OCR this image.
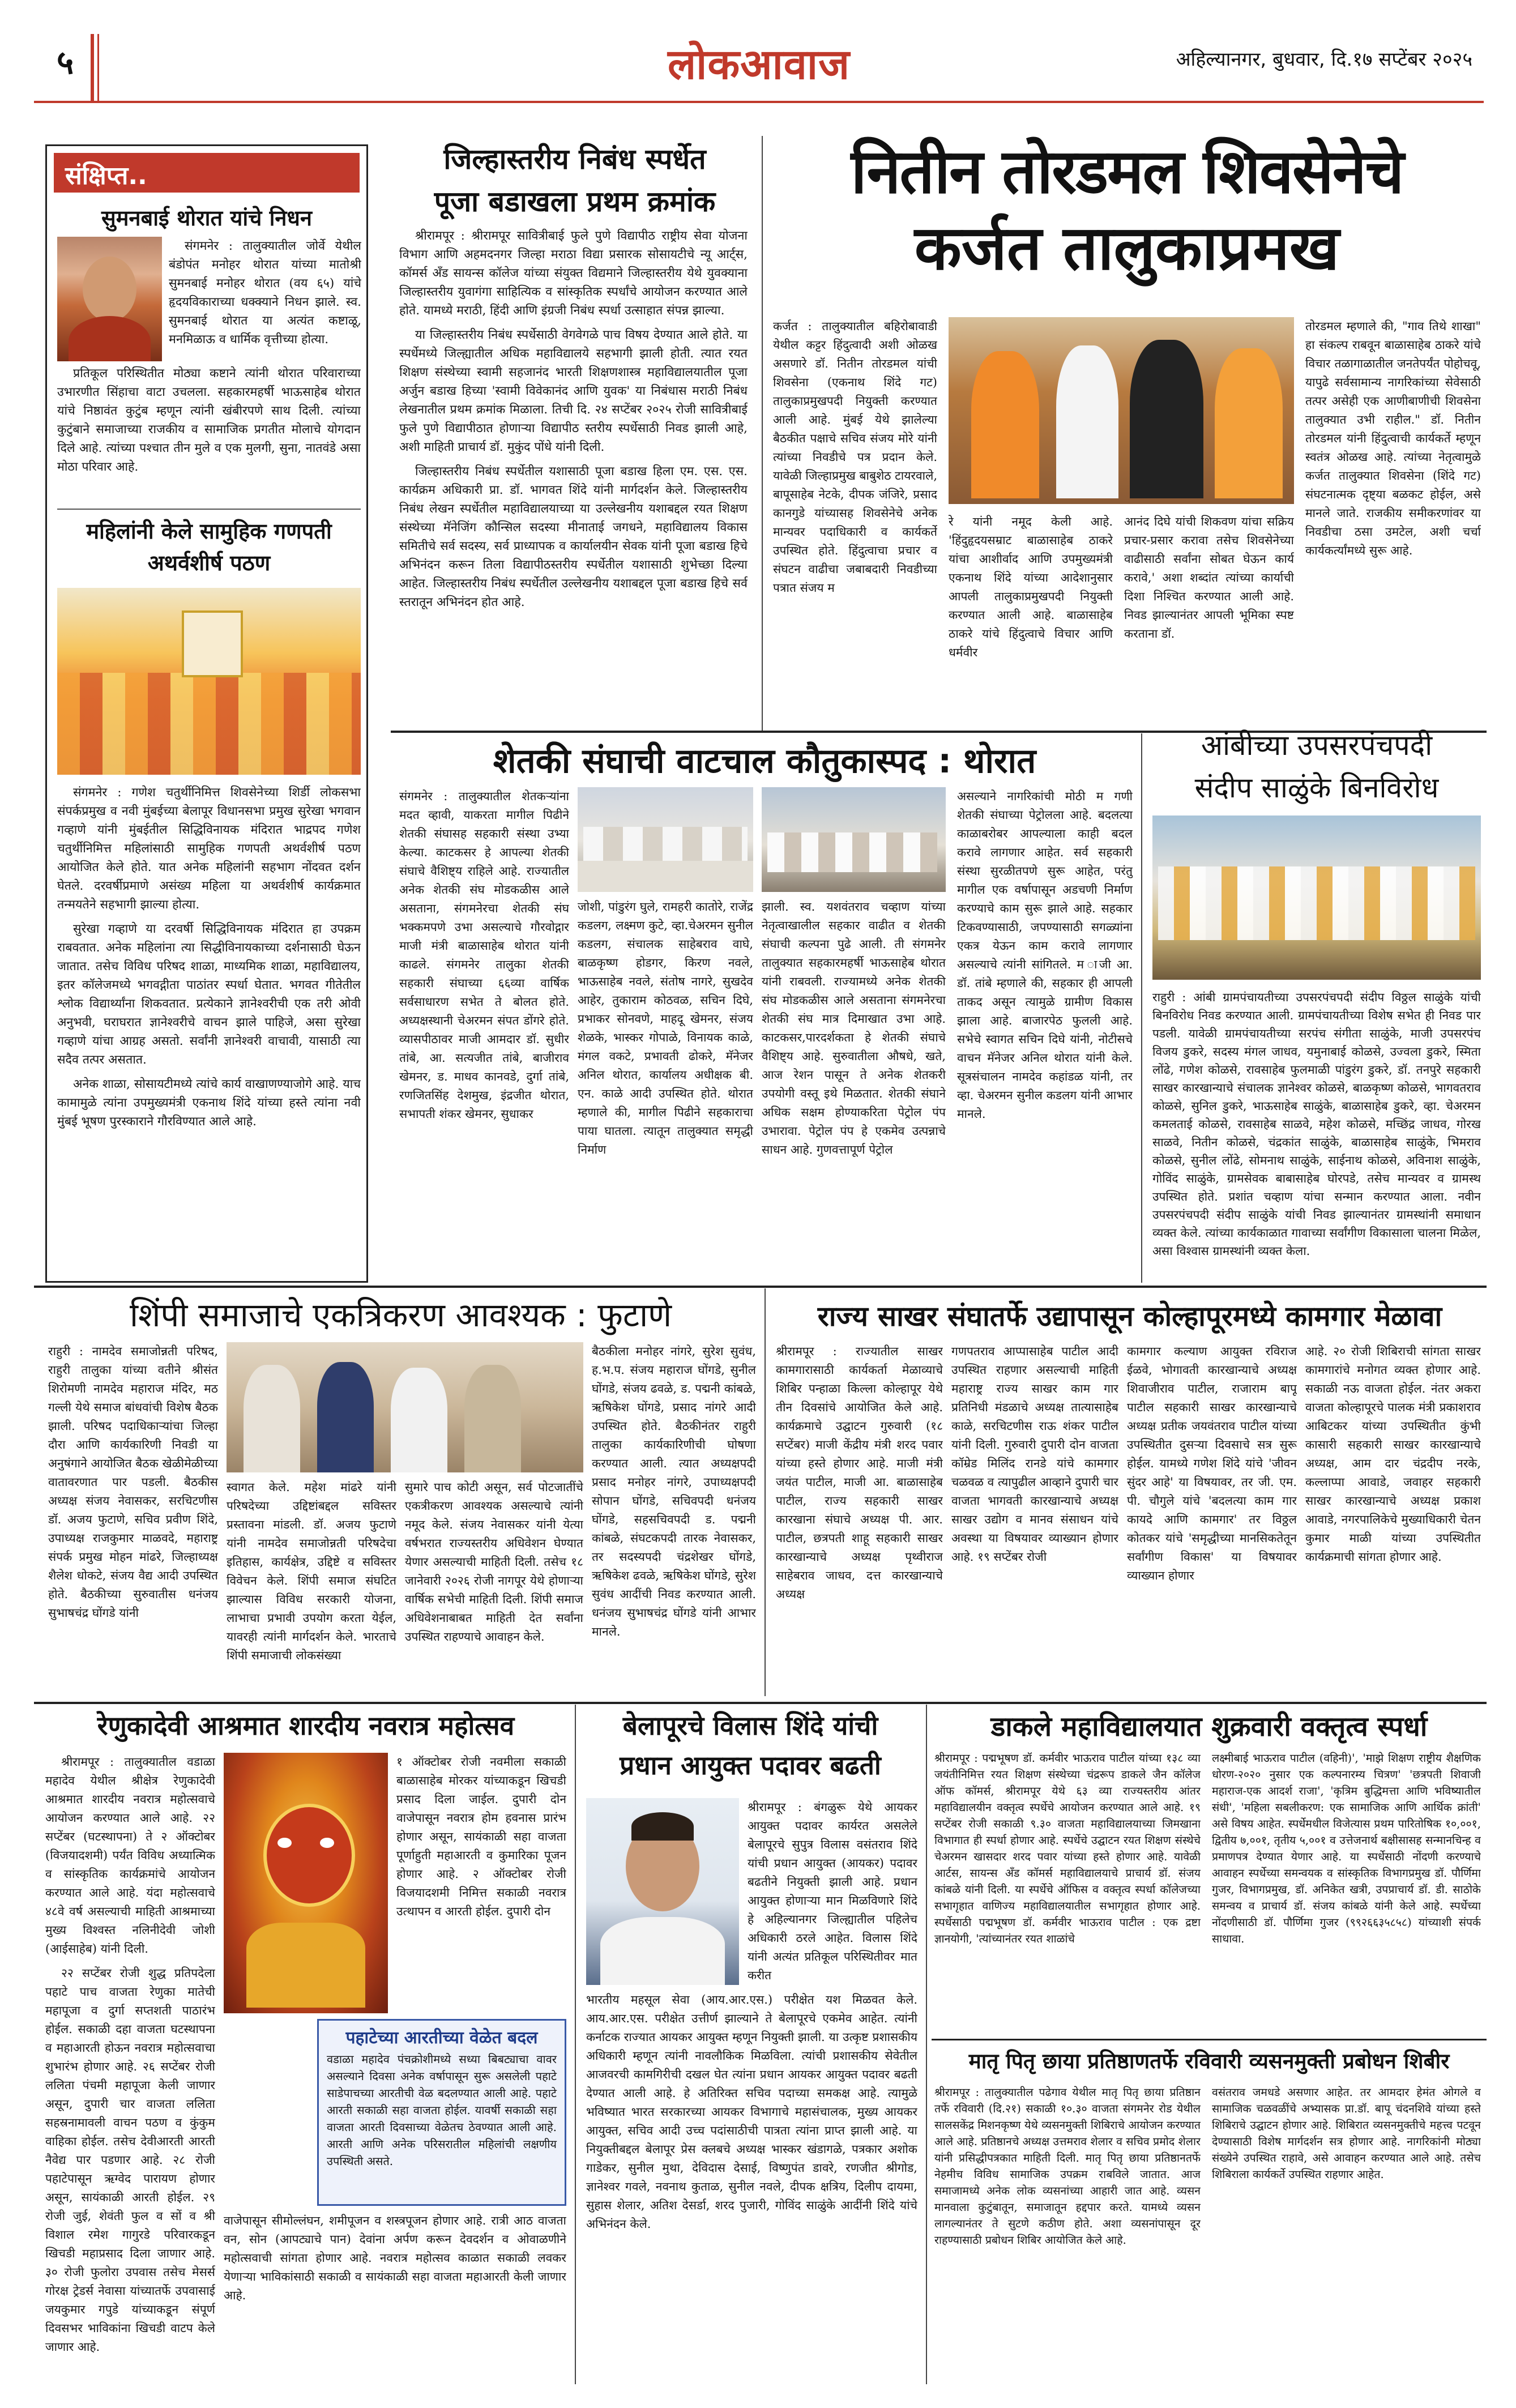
५	लोकआवाज	अहिल्यानगर, बुधवार, दि.१७ सप्टेंबर २०२५
संक्षिप्त..
सुमनबाई थोरात यांचे निधन

संगमनेर : तालुक्यातील जोर्वे येथील बंडोपंत मनोहर थोरात यांच्या मातोश्री सुमनबाई मनोहर थोरात (वय ६५) यांचे हृदयविकाराच्या धक्क्याने निधन झाले. स्व. सुमनबाई थोरात या अत्यंत कष्टाळू, मनमिळाऊ व धार्मिक वृत्तीच्या होत्या.

प्रतिकूल परिस्थितीत मोठ्या कष्टाने त्यांनी थोरात परिवाराच्या उभारणीत सिंहाचा वाटा उचलला. सहकारमहर्षी भाऊसाहेब थोरात यांचे निष्ठावंत कुटुंब म्हणून त्यांनी खंबीरपणे साथ दिली. त्यांच्या कुटुंबाने समाजाच्या राजकीय व सामाजिक प्रगतीत मोलाचे योगदान दिले आहे. त्यांच्या पश्चात तीन मुले व एक मुलगी, सुना, नातवंडे असा मोठा परिवार आहे.

महिलांनी केले सामुहिक गणपती अथर्वशीर्ष पठण

संगमनेर : गणेश चतुर्थीनिमित्त शिवसेनेच्या शिर्डी लोकसभा संपर्कप्रमुख व नवी मुंबईच्या बेलापूर विधानसभा प्रमुख सुरेखा भगवान गव्हाणे यांनी मुंबईतील सिद्धिविनायक मंदिरात भाद्रपद गणेश चतुर्थीनिमित्त महिलांसाठी सामुहिक गणपती अथर्वशीर्ष पठण आयोजित केले होते. यात अनेक महिलांनी सहभाग नोंदवत दर्शन घेतले. दरवर्षीप्रमाणे असंख्य महिला या अथर्वशीर्ष कार्यक्रमात तन्मयतेने सहभागी झाल्या होत्या.

सुरेखा गव्हाणे या दरवर्षी सिद्धिविनायक मंदिरात हा उपक्रम राबवतात. अनेक महिलांना त्या सिद्धीविनायकाच्या दर्शनासाठी घेऊन जातात. तसेच विविध परिषद शाळा, माध्यमिक शाळा, महाविद्यालय, इतर कॉलेजमध्ये भगवद्गीता पाठांतर स्पर्धा घेतात. भगवत गीतेतील श्लोक विद्यार्थ्यांना शिकवतात. प्रत्येकाने ज्ञानेश्वरीची एक तरी ओवी अनुभवी, घराघरात ज्ञानेश्वरीचे वाचन झाले पाहिजे, असा सुरेखा गव्हाणे यांचा आग्रह असतो. सर्वांनी ज्ञानेश्वरी वाचावी, यासाठी त्या सदैव तत्पर असतात.

अनेक शाळा, सोसायटीमध्ये त्यांचे कार्य वाखाणण्याजोगे आहे. याच कामामुळे त्यांना उपमुख्यमंत्री एकनाथ शिंदे यांच्या हस्ते त्यांना नवी मुंबई भूषण पुरस्काराने गौरविण्यात आले आहे.

जिल्हास्तरीय निबंध स्पर्धेत
पूजा बडाखला प्रथम क्रमांक

श्रीरामपूर : श्रीरामपूर सावित्रीबाई फुले पुणे विद्यापीठ राष्ट्रीय सेवा योजना विभाग आणि अहमदनगर जिल्हा मराठा विद्या प्रसारक सोसायटीचे न्यू आर्ट्स, कॉमर्स अँड सायन्स कॉलेज यांच्या संयुक्त विद्यमाने जिल्हास्तरीय येथे युवक्याना जिल्हास्तरीय युवागंगा साहित्यिक व सांस्कृतिक स्पर्धांचे आयोजन करण्यात आले होते. यामध्ये मराठी, हिंदी आणि इंग्रजी निबंध स्पर्धा उत्साहात संपन्न झाल्या.

या जिल्हास्तरीय निबंध स्पर्धेसाठी वेगवेगळे पाच विषय देण्यात आले होते. या स्पर्धेमध्ये जिल्ह्यातील अधिक महाविद्यालये सहभागी झाली होती. त्यात रयत शिक्षण संस्थेच्या स्वामी सहजानंद भारती शिक्षणशास्त्र महाविद्यालयातील पूजा अर्जुन बडाख हिच्या 'स्वामी विवेकानंद आणि युवक' या निबंधास मराठी निबंध लेखनातील प्रथम क्रमांक मिळाला. तिची दि. २४ सप्टेंबर २०२५ रोजी सावित्रीबाई फुले पुणे विद्यापीठात होणाऱ्या विद्यापीठ स्तरीय स्पर्धेसाठी निवड झाली आहे, अशी माहिती प्राचार्य डॉ. मुकुंद पोंधे यांनी दिली.

जिल्हास्तरीय निबंध स्पर्धेतील यशासाठी पूजा बडाख हिला एम. एस. एस. कार्यक्रम अधिकारी प्रा. डॉ. भागवत शिंदे यांनी मार्गदर्शन केले. जिल्हास्तरीय निबंध लेखन स्पर्धेतील महाविद्यालयाच्या या उल्लेखनीय यशाबद्दल रयत शिक्षण संस्थेच्या मॅनेजिंग कौन्सिल सदस्या मीनाताई जगधने, महाविद्यालय विकास समितीचे सर्व सदस्य, सर्व प्राध्यापक व कार्यालयीन सेवक यांनी पूजा बडाख हिचे अभिनंदन करून तिला विद्यापीठस्तरीय स्पर्धेतील यशासाठी शुभेच्छा दिल्या आहेत. जिल्हास्तरीय निबंध स्पर्धेतील उल्लेखनीय यशाबद्दल पूजा बडाख हिचे सर्व स्तरातून अभिनंदन होत आहे.

नितीन तोरडमल शिवसेनेचे
कर्जत तालुकाप्रमख
कर्जत : तालुक्यातील बहिरोबावाडी येथील कट्टर हिंदुत्वादी अशी ओळख असणारे डॉ. नितीन तोरडमल यांची शिवसेना (एकनाथ शिंदे गट) तालुकाप्रमुखपदी नियुक्ती करण्यात आली आहे. मुंबई येथे झालेल्या बैठकीत पक्षाचे सचिव संजय मोरे यांनी त्यांच्या निवडीचे पत्र प्रदान केले. यावेळी जिल्हाप्रमुख बाबुशेठ टायरवाले, बापूसाहेब नेटके, दीपक जंजिरे, प्रसाद कानगुडे यांच्यासह शिवसेनेचे अनेक मान्यवर पदाधिकारी व कार्यकर्ते उपस्थित होते. हिंदुत्वाचा प्रचार व संघटन वाढीचा जबाबदारी निवडीच्या पत्रात संजय म
रे यांनी नमूद केली आहे. 'हिंदुहृदयसम्राट बाळासाहेब ठाकरे यांचा आशीर्वाद आणि उपमुख्यमंत्री एकनाथ शिंदे यांच्या आदेशानुसार आपली तालुकाप्रमुखपदी नियुक्ती करण्यात आली आहे. बाळासाहेब ठाकरे यांचे हिंदुत्वाचे विचार आणि धर्मवीर
आनंद दिघे यांची शिकवण यांचा सक्रिय प्रचार-प्रसार करावा तसेच शिवसेनेच्या वाढीसाठी सर्वांना सोबत घेऊन कार्य करावे,' अशा शब्दांत त्यांच्या कार्याची दिशा निश्चित करण्यात आली आहे. निवड झाल्यानंतर आपली भूमिका स्पष्ट करताना डॉ.
तोरडमल म्हणाले की, "गाव तिथे शाखा" हा संकल्प राबवून बाळासाहेब ठाकरे यांचे विचार तळागाळातील जनतेपर्यंत पोहोचवू, यापुढे सर्वसामान्य नागरिकांच्या सेवेसाठी तत्पर असेही एक आणीबाणीची शिवसेना तालुक्यात उभी राहील." डॉ. नितीन तोरडमल यांनी हिंदुत्वाची कार्यकर्ते म्हणून स्वतंत्र ओळख आहे. त्यांच्या नेतृत्वामुळे कर्जत तालुक्यात शिवसेना (शिंदे गट) संघटनात्मक दृष्ट्या बळकट होईल, असे मानले जाते. राजकीय समीकरणांवर या निवडीचा ठसा उमटेल, अशी चर्चा कार्यकर्त्यांमध्ये सुरू आहे.
शेतकी संघाची वाटचाल कौतुकास्पद : थोरात
संगमनेर : तालुक्यातील शेतकऱ्यांना मदत व्हावी, याकरता मागील पिढीने शेतकी संघासह सहकारी संस्था उभ्या केल्या. काटकसर हे आपल्या शेतकी संघाचे वैशिष्ट्य राहिले आहे. राज्यातील अनेक शेतकी संघ मोडकळीस आले असताना, संगमनेरचा शेतकी संघ भक्कमपणे उभा असल्याचे गौरवोद्गार माजी मंत्री बाळासाहेब थोरात यांनी काढले. संगमनेर तालुका शेतकी सहकारी संघाच्या ६६व्या वार्षिक सर्वसाधारण सभेत ते बोलत होते. अध्यक्षस्थानी चेअरमन संपत डोंगरे होते. व्यासपीठावर माजी आमदार डॉ. सुधीर तांबे, आ. सत्यजीत तांबे, बाजीराव खेमनर, ड. माधव कानवडे, दुर्गा तांबे, रणजितसिंह देशमुख, इंद्रजीत थोरात, सभापती शंकर खेमनर, सुधाकर
जोशी, पांडुरंग घुले, रामहरी कातोरे, राजेंद्र कडलग, लक्ष्मण कुटे, व्हा.चेअरमन सुनील कडलग, संचालक साहेबराव वाघे, बाळकृष्ण होडगर, किरण नवले, भाऊसाहेब नवले, संतोष नागरे, सुखदेव आहेर, तुकाराम कोठवळ, सचिन दिघे, प्रभाकर सोनवणे, माहदू खेमनर, संजय शेळके, भास्कर गोपाळे, विनायक काळे, मंगल वकटे, प्रभावती ढोकरे, मॅनेजर अनिल थोरात, कार्यालय अधीक्षक बी. एन. काळे आदी उपस्थित होते. थोरात म्हणाले की, मागील पिढीने सहकाराचा पाया घातला. त्यातून तालुक्यात समृद्धी निर्माण
झाली. स्व. यशवंतराव चव्हाण यांच्या नेतृत्वाखालील सहकार वाढीत व शेतकी संघाची कल्पना पुढे आली. ती संगमनेर तालुक्यात सहकारमहर्षी भाऊसाहेब थोरात यांनी राबवली. राज्यामध्ये अनेक शेतकी संघ मोडकळीस आले असताना संगमनेरचा शेतकी संघ मात्र दिमाखात उभा आहे. काटकसर,पारदर्शकता हे शेतकी संघाचे वैशिष्ट्य आहे. सुरुवातीला औषधे, खते, आज रेशन पासून ते अनेक शेतकरी उपयोगी वस्तू इथे मिळतात. शेतकी संघाने अधिक सक्षम होण्याकरिता पेट्रोल पंप उभारावा. पेट्रोल पंप हे एकमेव उत्पन्नाचे साधन आहे. गुणवत्तापूर्ण पेट्रोल
असल्याने नागरिकांची मोठी म गणी शेतकी संघाच्या पेट्रोलला आहे. बदलत्या काळाबरोबर आपल्याला काही बदल करावे लागणार आहेत. सर्व सहकारी संस्था सुरळीतपणे सुरू आहेत, परंतु मागील एक वर्षापासून अडचणी निर्माण करण्याचे काम सुरू झाले आहे. सहकार टिकवण्यासाठी, जपण्यासाठी सगळ्यांना एकत्र येऊन काम करावे लागणार असल्याचे त्यांनी सांगितले. म ाजी आ. डॉ. तांबे म्हणाले की, सहकार ही आपली ताकद असून त्यामुळे ग्रामीण विकास झाला आहे. बाजारपेठ फुलली आहे. सभेचे स्वागत सचिन दिघे यांनी, नोटीसचे वाचन मॅनेजर अनिल थोरात यांनी केले. सूत्रसंचालन नामदेव कहांडळ यांनी, तर व्हा. चेअरमन सुनील कडलग यांनी आभार मानले.
आंबीच्या उपसरपंचपदी
संदीप साळुंके बिनविरोध
राहुरी : आंबी ग्रामपंचायतीच्या उपसरपंचपदी संदीप विठ्ठल साळुंके यांची बिनविरोध निवड करण्यात आली. ग्रामपंचायतीच्या विशेष सभेत ही निवड पार पडली. यावेळी ग्रामपंचायतीच्या सरपंच संगीता साळुंके, माजी उपसरपंच विजय डुकरे, सदस्य मंगल जाधव, यमुनाबाई कोळसे, उज्वला डुकरे, स्मिता लोंढे, गणेश कोळसे, रावसाहेब फुलमाळी पांडुरंग डुकरे, डॉ. तनपुरे सहकारी साखर कारखान्याचे संचालक ज्ञानेश्वर कोळसे, बाळकृष्ण कोळसे, भागवतराव कोळसे, सुनिल डुकरे, भाऊसाहेब साळुंके, बाळासाहेब डुकरे, व्हा. चेअरमन कमलताई कोळसे, रावसाहेब साळवे, महेश कोळसे, मच्छिंद्र जाधव, गोरख साळवे, नितीन कोळसे, चंद्रकांत साळुंके, बाळासाहेब साळुंके, भिमराव कोळसे, सुनील लोंढे, सोमनाथ साळुंके, साईनाथ कोळसे, अविनाश साळुंके, गोविंद साळुंके, ग्रामसेवक बाबासाहेब घोरपडे, तसेच मान्यवर व ग्रामस्थ उपस्थित होते. प्रशांत चव्हाण यांचा सन्मान करण्यात आला. नवीन उपसरपंचपदी संदीप साळुंके यांची निवड झाल्यानंतर ग्रामस्थांनी समाधान व्यक्त केले. त्यांच्या कार्यकाळात गावाच्या सर्वांगीण विकासाला चालना मिळेल, असा विश्वास ग्रामस्थांनी व्यक्त केला.
शिंपी समाजाचे एकत्रिकरण आवश्यक : फुटाणे
राहुरी : नामदेव समाजोन्नती परिषद, राहुरी तालुका यांच्या वतीने श्रीसंत शिरोमणी नामदेव महाराज मंदिर, मठ गल्ली येथे समाज बांधवांची विशेष बैठक झाली. परिषद पदाधिकाऱ्यांचा जिल्हा दौरा आणि कार्यकारिणी निवडी या अनुषंगाने आयोजित बैठक खेळीमेळीच्या वातावरणात पार पडली. बैठकीस अध्यक्ष संजय नेवासकर, सरचिटणीस डॉ. अजय फुटाणे, सचिव प्रवीण शिंदे, उपाध्यक्ष राजकुमार माळवदे, महाराष्ट्र संपर्क प्रमुख मोहन मांढरे, जिल्हाध्यक्ष शैलेश धोकटे, संजय वैद्य आदी उपस्थित होते. बैठकीच्या सुरुवातीस धनंजय सुभाषचंद्र घोंगडे यांनी
स्वागत केले. महेश मांढरे यांनी परिषदेच्या उद्दिष्टांबद्दल सविस्तर प्रस्तावना मांडली. डॉ. अजय फुटाणे यांनी नामदेव समाजोन्नती परिषदेचा इतिहास, कार्यक्षेत्र, उद्दिष्टे व सविस्तर विवेचन केले. शिंपी समाज संघटित झाल्यास विविध सरकारी योजना, लाभाचा प्रभावी उपयोग करता येईल, यावरही त्यांनी मार्गदर्शन केले. भारताचे शिंपी समाजाची लोकसंख्या
सुमारे पाच कोटी असून, सर्व पोटजातींचे एकत्रीकरण आवश्यक असल्याचे त्यांनी नमूद केले. संजय नेवासकर यांनी येत्या वर्षभरात राज्यस्तरीय अधिवेशन घेण्यात येणार असल्याची माहिती दिली. तसेच १८ जानेवारी २०२६ रोजी नागपूर येथे होणाऱ्या वार्षिक सभेची माहिती दिली. शिंपी समाज अधिवेशनाबाबत माहिती देत सर्वांना उपस्थित राहण्याचे आवाहन केले.
बैठकीला मनोहर नांगरे, सुरेश सुवंध, ह.भ.प. संजय महाराज घोंगडे, सुनील घोंगडे, संजय ढवळे, ड. पद्मनी कांबळे, ऋषिकेश घोंगडे, प्रसाद नांगरे आदी उपस्थित होते. बैठकीनंतर राहुरी तालुका कार्यकारिणीची घोषणा करण्यात आली. त्यात अध्यक्षपदी प्रसाद मनोहर नांगरे, उपाध्यक्षपदी सोपान घोंगडे, सचिवपदी धनंजय घोंगडे, सहसचिवपदी ड. पद्मनी कांबळे, संघटकपदी तारक नेवासकर, तर सदस्यपदी चंद्रशेखर घोंगडे, ऋषिकेश ढवळे, ऋषिकेश घोंगडे, सुरेश सुवंध आदींची निवड करण्यात आली. धनंजय सुभाषचंद्र घोंगडे यांनी आभार मानले.
राज्य साखर संघातर्फे उद्यापासून कोल्हापूरमध्ये कामगार मेळावा
श्रीरामपूर : राज्यातील साखर कामगारासाठी कार्यकर्ता मेळाव्याचे शिबिर पन्हाळा किल्ला कोल्हापूर येथे तीन दिवसांचे आयोजित केले आहे. कार्यक्रमाचे उद्घाटन गुरुवारी (१८ सप्टेंबर) माजी केंद्रीय मंत्री शरद पवार यांच्या हस्ते होणार आहे. माजी मंत्री जयंत पाटील, माजी आ. बाळासाहेब पाटील, राज्य सहकारी साखर कारखाना संघाचे अध्यक्ष पी. आर. पाटील, छत्रपती शाहू सहकारी साखर कारखान्याचे अध्यक्ष पृथ्वीराज साहेबराव जाधव, दत्त कारखान्याचे अध्यक्ष
गणपतराव आप्पासाहेब पाटील आदी उपस्थित राहणार असल्याची माहिती महाराष्ट्र राज्य साखर काम गार प्रतिनिधी मंडळाचे अध्यक्ष तात्यासाहेब काळे, सरचिटणीस राऊ शंकर पाटील यांनी दिली. गुरुवारी दुपारी दोन वाजता कॉम्रेड मिलिंद रानडे यांचे कामगार चळवळ व त्यापुढील आव्हाने दुपारी चार वाजता भागवती कारखान्याचे अध्यक्ष साखर उद्योग व मानव संसाधन यांचे अवस्था या विषयावर व्याख्यान होणार आहे. १९ सप्टेंबर रोजी
कामगार कल्याण आयुक्त रविराज ईळवे, भोगावती कारखान्याचे अध्यक्ष शिवाजीराव पाटील, राजाराम बापू पाटील सहकारी साखर कारखान्याचे अध्यक्ष प्रतीक जयवंतराव पाटील यांच्या उपस्थितीत दुसऱ्या दिवसाचे सत्र सुरू होईल. यामध्ये गणेश शिंदे यांचे 'जीवन सुंदर आहे' या विषयावर, तर जी. एम. पी. चौगुले यांचे 'बदलत्या काम गार कायदे आणि कामगार' तर विठ्ठल कोतकर यांचे 'समृद्धीच्या मानसिकतेतून सर्वांगीण विकास' या विषयावर व्याख्यान होणार
आहे. २० रोजी शिबिराची सांगता साखर कामगारांचे मनोगत व्यक्त होणार आहे. सकाळी नऊ वाजता होईल. नंतर अकरा वाजता कोल्हापूरचे पालक मंत्री प्रकाशराव आबिटकर यांच्या उपस्थितीत कुंभी कासारी सहकारी साखर कारखान्याचे अध्यक्ष, आम दार चंद्रदीप नरके, कल्लाप्पा आवाडे, जवाहर सहकारी साखर कारखान्याचे अध्यक्ष प्रकाश आवाडे, नगरपालिकेचे मुख्याधिकारी चेतन कुमार माळी यांच्या उपस्थितीत कार्यक्रमाची सांगता होणार आहे.
रेणुकादेवी आश्रमात शारदीय नवरात्र महोत्सव

श्रीरामपूर : तालुक्यातील वडाळा महादेव येथील श्रीक्षेत्र रेणुकादेवी आश्रमात शारदीय नवरात्र महोत्सवाचे आयोजन करण्यात आले आहे. २२ सप्टेंबर (घटस्थापना) ते २ ऑक्टोबर (विजयादशमी) पर्यंत विविध अध्यात्मिक व सांस्कृतिक कार्यक्रमांचे आयोजन करण्यात आले आहे. यंदा महोत्सवाचे ४८वे वर्ष असल्याची माहिती आश्रमाच्या मुख्य विश्वस्त नलिनीदेवी जोशी (आईसाहेब) यांनी दिली.

२२ सप्टेंबर रोजी शुद्ध प्रतिपदेला पहाटे पाच वाजता रेणुका मातेची महापूजा व दुर्गा सप्तशती पाठारंभ होईल. सकाळी दहा वाजता घटस्थापना व महाआरती होऊन नवरात्र महोत्सवाचा शुभारंभ होणार आहे. २६ सप्टेंबर रोजी ललिता पंचमी महापूजा केली जाणार असून, दुपारी चार वाजता ललिता सहस्रनामावली वाचन पठण व कुंकुम वाहिका होईल. तसेच देवीआरती आरती नैवेद्य पार पडणार आहे. २८ रोजी पहाटेपासून ऋग्वेद पारायण होणार असून, सायंकाळी आरती होईल. २९ रोजी जुई, शेवंती फुल व सों व श्री विशाल रमेश गागुरडे परिवारकडून खिचडी महाप्रसाद दिला जाणार आहे. ३० रोजी फुलोरा उपवास तसेच मेसर्स गोरक्ष ट्रेडर्स नेवासा यांच्यातर्फे उपवासाई जयकुमार गपुडे यांच्याकडून संपूर्ण दिवसभर भाविकांना खिचडी वाटप केले जाणार आहे.

१ ऑक्टोबर रोजी नवमीला सकाळी बाळासाहेब मोरकर यांच्याकडून खिचडी प्रसाद दिला जाईल. दुपारी दोन वाजेपासून नवरात्र होम हवनास प्रारंभ होणार असून, सायंकाळी सहा वाजता पूर्णाहुती महाआरती व कुमारिका पूजन होणार आहे. २ ऑक्टोबर रोजी विजयादशमी निमित्त सकाळी नवरात्र उत्थापन व आरती होईल. दुपारी दोन
पहाटेच्या आरतीच्या वेळेत बदल
वडाळा महादेव पंचक्रोशीमध्ये सध्या बिबट्याचा वावर असल्याने दिवसा अनेक वर्षापासून सुरू असलेली पहाटे साडेपाचच्या आरतीची वेळ बदलण्यात आली आहे. पहाटे आरती सकाळी सहा वाजता होईल. यावर्षी सकाळी सहा वाजता आरती दिवसाच्या वेळेतच ठेवण्यात आली आहे. आरती आणि अनेक परिसरातील महिलांची लक्षणीय उपस्थिती असते.
वाजेपासून सीमोल्लंघन, शमीपूजन व शस्त्रपूजन होणार आहे. रात्री आठ वाजता वन, सोन (आपट्याचे पान) देवांना अर्पण करून देवदर्शन व ओवाळणीने महोत्सवाची सांगता होणार आहे. नवरात्र महोत्सव काळात सकाळी लवकर येणाऱ्या भाविकांसाठी सकाळी व सायंकाळी सहा वाजता महाआरती केली जाणार आहे.
बेलापूरचे विलास शिंदे यांची
प्रधान आयुक्त पदावर बढती
श्रीरामपूर : बंगळुरू येथे आयकर आयुक्त पदावर कार्यरत असलेले बेलापूरचे सुपुत्र विलास वसंतराव शिंदे यांची प्रधान आयुक्त (आयकर) पदावर बढतीने नियुक्ती झाली आहे. प्रधान आयुक्त होणाऱ्या मान मिळविणारे शिंदे हे अहिल्यानगर जिल्ह्यातील पहिलेच अधिकारी ठरले आहेत. विलास शिंदे यांनी अत्यंत प्रतिकूल परिस्थितीवर मात करीत
भारतीय महसूल सेवा (आय.आर.एस.) परीक्षेत यश मिळवत केले. आय.आर.एस. परीक्षेत उत्तीर्ण झाल्याने ते बेलापूरचे एकमेव आहेत. त्यांनी कर्नाटक राज्यात आयकर आयुक्त म्हणून नियुक्ती झाली. या उत्कृष्ट प्रशासकीय अधिकारी म्हणून त्यांनी नावलौकिक मिळविला. त्यांची प्रशासकीय सेवेतील आजवरची कामगिरीची दखल घेत त्यांना प्रधान आयकर आयुक्त पदावर बढती देण्यात आली आहे. हे अतिरिक्त सचिव पदाच्या समकक्ष आहे. त्यामुळे भविष्यात भारत सरकारच्या आयकर विभागाचे महासंचालक, मुख्य आयकर आयुक्त, सचिव आदी उच्च पदांसाठीची पात्रता त्यांना प्राप्त झाली आहे. या नियुक्तीबद्दल बेलापूर प्रेस क्लबचे अध्यक्ष भास्कर खंडागळे, पत्रकार अशोक गाडेकर, सुनील मुथा, देविदास देसाई, विष्णुपंत डावरे, रणजीत श्रीगोड, ज्ञानेश्वर गवले, नवनाथ कुताळ, सुनील नवले, दीपक क्षत्रिय, दिलीप दायमा, सुहास शेलार, अतिश देसर्डा, शरद पुजारी, गोविंद साळुंके आदींनी शिंदे यांचे अभिनंदन केले.
डाकले महाविद्यालयात शुक्रवारी वक्तृत्व स्पर्धा
श्रीरामपूर : पद्मभूषण डॉ. कर्मवीर भाऊराव पाटील यांच्या १३८ व्या जयंतीनिमित्त रयत शिक्षण संस्थेच्या चंद्ररूप डाकले जैन कॉलेज ऑफ कॉमर्स, श्रीरामपूर येथे ६३ व्या राज्यस्तरीय आंतर महाविद्यालयीन वक्तृत्व स्पर्धेचे आयोजन करण्यात आले आहे. १९ सप्टेंबर रोजी सकाळी ९.३० वाजता महाविद्यालयाच्या जिमखाना विभागात ही स्पर्धा होणार आहे. स्पर्धेचे उद्घाटन रयत शिक्षण संस्थेचे चेअरमन खासदार शरद पवार यांच्या हस्ते होणार आहे. यावेळी आर्टस, सायन्स अँड कॉमर्स महाविद्यालयाचे प्राचार्य डॉ. संजय कांबळे यांनी दिली. या स्पर्धेचे ऑफिस व वक्तृत्व स्पर्धा कॉलेजच्या सभागृहात वाणिज्य महाविद्यालयातील सभागृहात होणार आहे. स्पर्धेसाठी पद्मभूषण डॉ. कर्मवीर भाऊराव पाटील : एक द्रष्टा ज्ञानयोगी, 'त्यांच्यानंतर रयत शाळांचे
लक्ष्मीबाई भाऊराव पाटील (वहिनी)', 'माझे शिक्षण राष्ट्रीय शैक्षणिक धोरण-२०२० नुसार एक कल्पनारम्य चित्रण' 'छत्रपती शिवाजी महाराज-एक आदर्श राजा', 'कृत्रिम बुद्धिमत्ता आणि भविष्यातील संधी', 'महिला सबलीकरण: एक सामाजिक आणि आर्थिक क्रांती' असे विषय आहेत. स्पर्धेमधील विजेत्यास प्रथम पारितोषिक १०,००१, द्वितीय ७,००१, तृतीय ५,००१ व उत्तेजनार्थ बक्षीसासह सन्मानचिन्ह व प्रमाणपत्र देण्यात येणार आहे. या स्पर्धेसाठी नोंदणी करण्याचे आवाहन स्पर्धेच्या समन्वयक व सांस्कृतिक विभागप्रमुख डॉ. पौर्णिमा गुजर, विभागप्रमुख, डॉ. अनिकेत खत्री, उपप्राचार्य डॉ. डी. साठोके समन्वय व प्राचार्य डॉ. संजय कांबळे यांनी केले आहे. स्पर्धेच्या नोंदणीसाठी डॉ. पौर्णिमा गुजर (९९२६६३५८५८) यांच्याशी संपर्क साधावा.
मातृ पितृ छाया प्रतिष्ठाणतर्फे रविवारी व्यसनमुक्ती प्रबोधन शिबीर
श्रीरामपूर : तालुक्यातील पढेगाव येथील मातृ पितृ छाया प्रतिष्ठान तर्फे रविवारी (दि.२१) सकाळी १०.३० वाजता संगमनेर रोड येथील सालसकेंद्र मिशनकृष्ण येथे व्यसनमुक्ती शिबिराचे आयोजन करण्यात आले आहे. प्रतिष्ठानचे अध्यक्ष उत्तमराव शेलार व सचिव प्रमोद शेलार यांनी प्रसिद्धीपत्रकात माहिती दिली. मातृ पितृ छाया प्रतिष्ठानतर्फे नेहमीच विविध सामाजिक उपक्रम राबविले जातात. आज समाजामध्ये अनेक लोक व्यसनांच्या आहारी जात आहे. व्यसन मानवाला कुटुंबातून, समाजातून हद्दपार करते. यामध्ये व्यसन लागल्यानंतर ते सुटणे कठीण होते. अशा व्यसनांपासून दूर राहण्यासाठी प्रबोधन शिबिर आयोजित केले आहे.
वसंतराव जमधडे असणार आहेत. तर आमदार हेमंत ओगले व सामाजिक चळवळींचे अभ्यासक प्रा.डॉ. बापू चंदनशिवे यांच्या हस्ते शिबिराचे उद्घाटन होणार आहे. शिबिरात व्यसनमुक्तीचे महत्त्व पटवून देण्यासाठी विशेष मार्गदर्शन सत्र होणार आहे. नागरिकांनी मोठ्या संख्येने उपस्थित राहावे, असे आवाहन करण्यात आले आहे. तसेच शिबिराला कार्यकर्ते उपस्थित राहणार आहेत.
